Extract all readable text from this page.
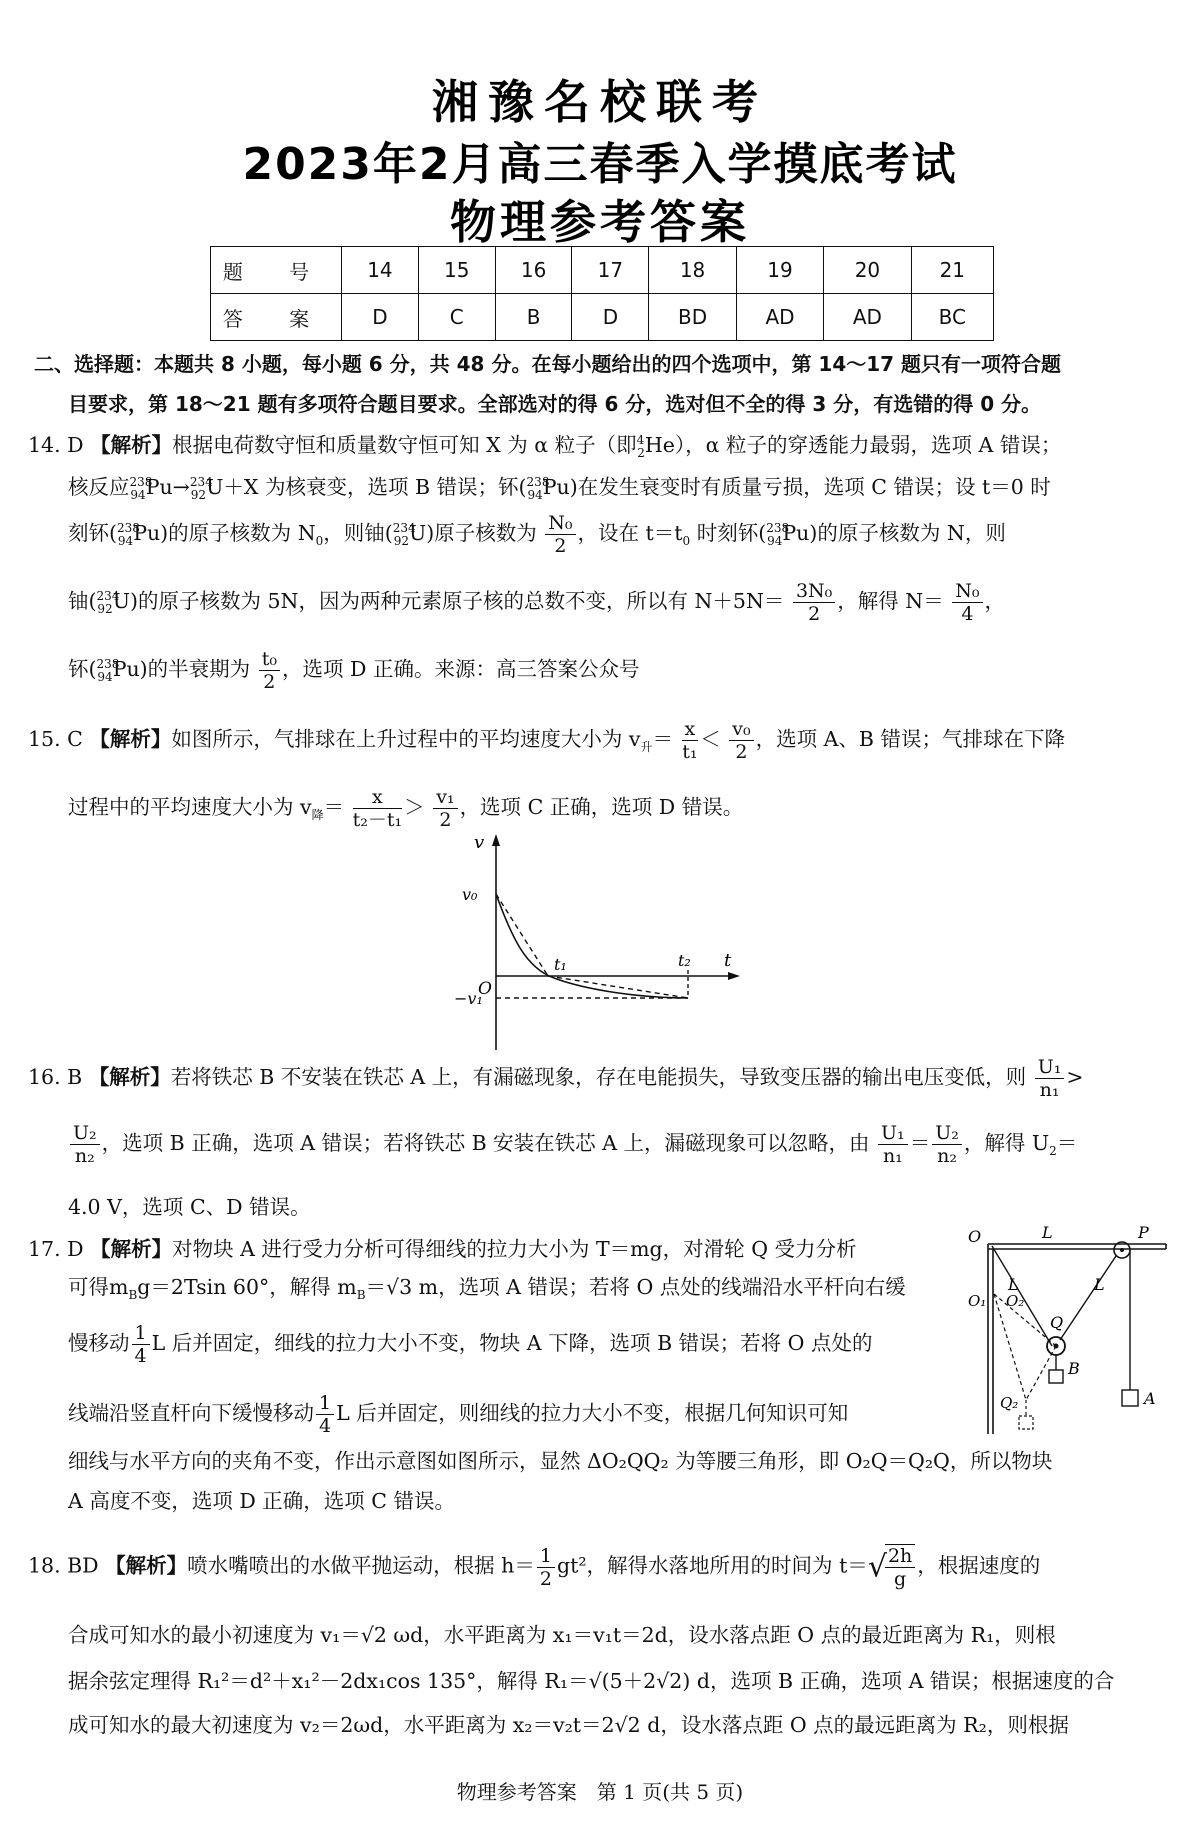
湘豫名校联考
2023年2月高三春季入学摸底考试
物理参考答案
题 号	14	15	16	17	18	19	20	21
答 案	D	C	B	D	BD	AD	AD	BC
二、选择题：本题共 8 小题，每小题 6 分，共 48 分。在每小题给出的四个选项中，第 14～17 题只有一项符合题
目要求，第 18～21 题有多项符合题目要求。全部选对的得 6 分，选对但不全的得 3 分，有选错的得 0 分。
14. D 【解析】根据电荷数守恒和质量数守恒可知 X 为 α 粒子（即$^4_2$He），α 粒子的穿透能力最弱，选项 A 错误；
核反应$^{238}_{94}$Pu→$^{234}_{92}$U＋X 为核衰变，选项 B 错误；钚($^{238}_{94}$Pu)在发生衰变时有质量亏损，选项 C 错误；设 t＝0 时
刻钚($^{238}_{94}$Pu)的原子核数为 $N_0$，则铀($^{234}_{92}$U)原子核数为 $\frac{\text{N₀}}{2}$ ，设在 $t=t_0$ 时刻钚($^{238}_{94}$Pu)的原子核数为 N，则
铀($^{234}_{92}$U)的原子核数为 5N，因为两种元素原子核的总数不变，所以有 $N+5N= \frac{\text{3N₀}}{2}$ ，解得 $N= \frac{\text{N₀}}{4}$ ，
钚($^{238}_{94}$Pu)的半衰期为 $\frac{\text{t₀}}{2}$ ，选项 D 正确。来源：高三答案公众号
15. C 【解析】如图所示，气排球在上升过程中的平均速度大小为 $v_升= \frac{x}{\text{t₁}} < \frac{\text{v₀}}{2}$ ，选项 A、B 错误；气排球在下降
过程中的平均速度大小为 $v_降= \frac{x}{\text{t₂－t₁}} > \frac{\text{v₁}}{2}$ ，选项 C 正确，选项 D 错误。
v
t
v₀
O
−v₁
t₁	t₂
16. B 【解析】若将铁芯 B 不安装在铁芯 A 上，有漏磁现象，存在电能损失，导致变压器的输出电压变低，则 $\frac{\text{U₁}}{\text{n₁}}$ >
$\frac{\text{U₂}}{\text{n₂}}$ ，选项 B 正确，选项 A 错误；若将铁芯 B 安装在铁芯 A 上，漏磁现象可以忽略，由 $\frac{\text{U₁}}{\text{n₁}} = \frac{\text{U₂}}{\text{n₂}}$ ，解得 $U_2=$
4.0 V，选项 C、D 错误。
17. D 【解析】对物块 A 进行受力分析可得细线的拉力大小为 T＝mg，对滑轮 Q 受力分析
可得$m_Bg=2Tsin$ 60°，解得 $m_B=√3$ m，选项 A 错误；若将 O 点处的线端沿水平杆向右缓
慢移动 $\frac{1}{4}$ L 后并固定，细线的拉力大小不变，物块 A 下降，选项 B 错误；若将 O 点处的
线端沿竖直杆向下缓慢移动 $\frac{1}{4}$ L 后并固定，则细线的拉力大小不变，根据几何知识可知
细线与水平方向的夹角不变，作出示意图如图所示，显然 ΔO₂QQ₂ 为等腰三角形，即 O₂Q＝Q₂Q，所以物块
A 高度不变，选项 D 正确，选项 C 错误。
O	L	P
O₁ O₂
L	L
Q
B
A
Q₂
18. BD 【解析】喷水嘴喷出的水做平抛运动，根据 $h= \frac{1}{2} gt^2$，解得水落地所用的时间为 t＝√
$\frac{2h}{g}$ ，根据速度的
合成可知水的最小初速度为 v₁＝√2 ωd，水平距离为 x₁＝v₁t＝2d，设水落点距 O 点的最近距离为 R₁，则根
据余弦定理得 R₁²＝d²＋x₁²－2dx₁cos 135°，解得 R₁＝√(5＋2√2) d，选项 B 正确，选项 A 错误；根据速度的合
成可知水的最大初速度为 v₂＝2ωd，水平距离为 x₂＝v₂t＝2√2 d，设水落点距 O 点的最远距离为 R₂，则根据
物理参考答案　第 1 页(共 5 页)
